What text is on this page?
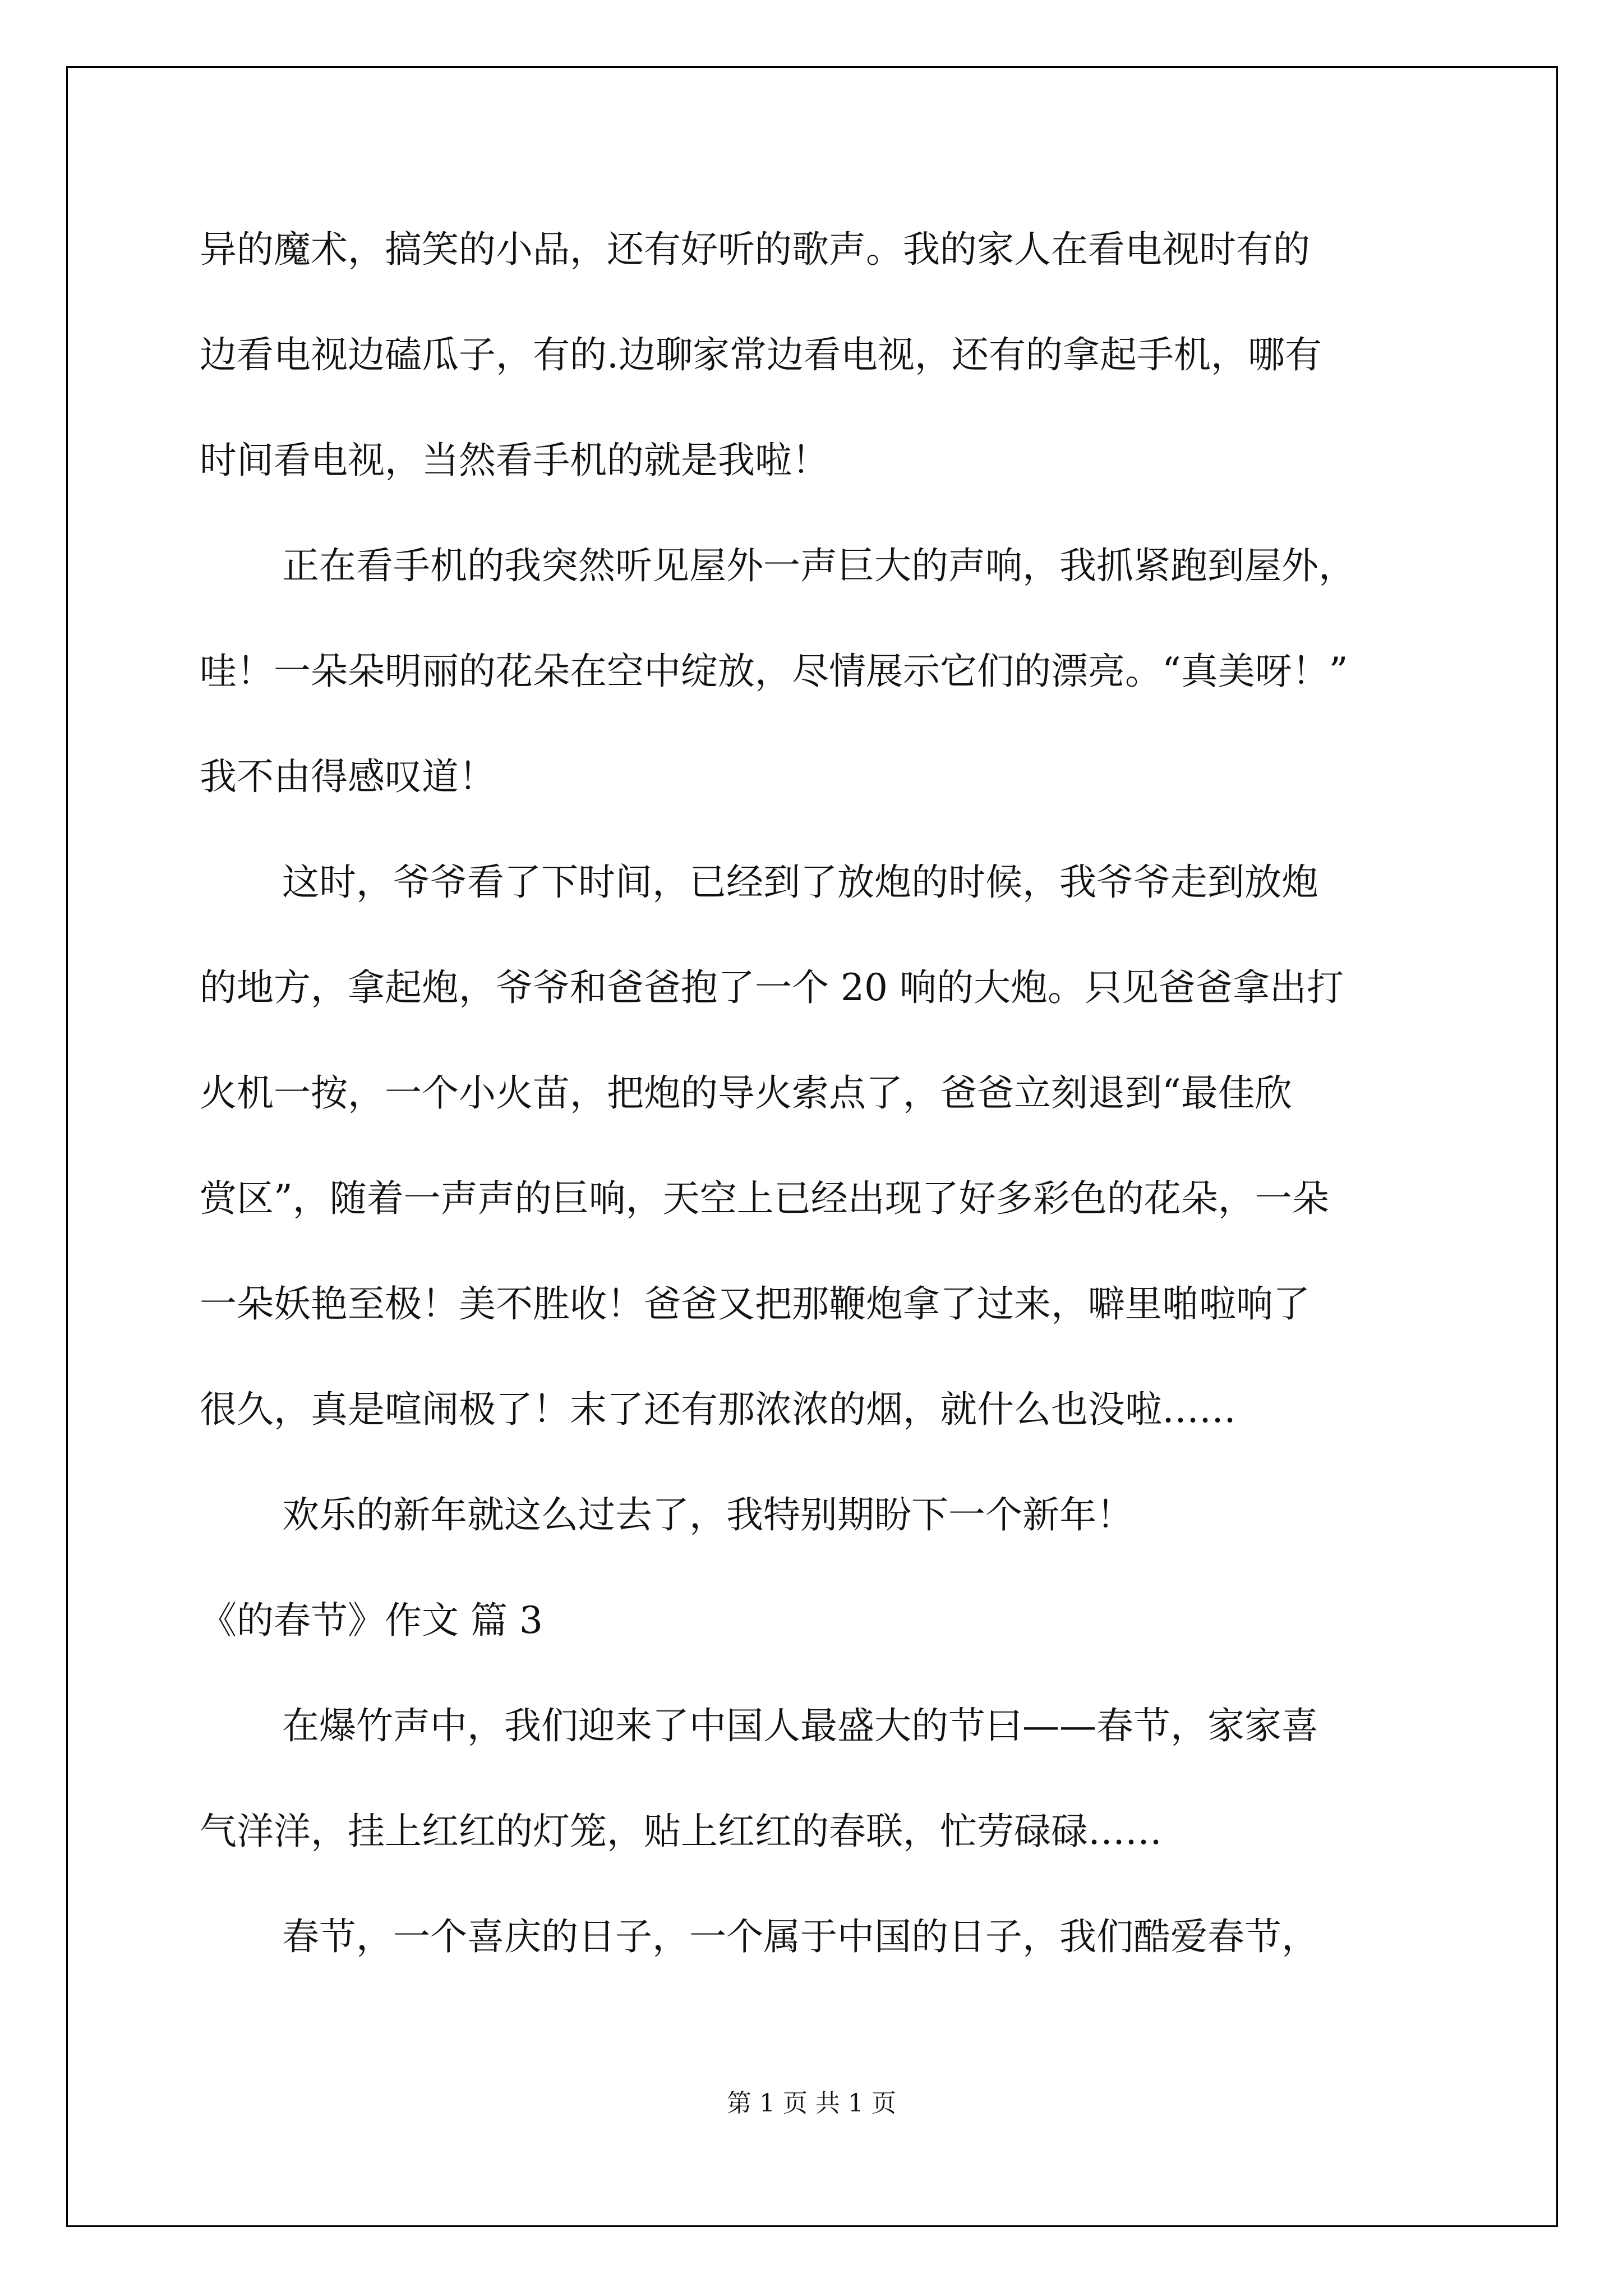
异的魔术，搞笑的小品，还有好听的歌声。我的家人在看电视时有的

边看电视边磕瓜子，有的.边聊家常边看电视，还有的拿起手机，哪有

时间看电视，当然看手机的就是我啦！

正在看手机的我突然听见屋外一声巨大的声响，我抓紧跑到屋外，

哇！一朵朵明丽的花朵在空中绽放，尽情展示它们的漂亮。“真美呀！”

我不由得感叹道！

这时，爷爷看了下时间，已经到了放炮的时候，我爷爷走到放炮

的地方，拿起炮，爷爷和爸爸抱了一个 20 响的大炮。只见爸爸拿出打

火机一按，一个小火苗，把炮的导火索点了，爸爸立刻退到“最佳欣

赏区”，随着一声声的巨响，天空上已经出现了好多彩色的花朵，一朵

一朵妖艳至极！美不胜收！爸爸又把那鞭炮拿了过来，噼里啪啦响了

很久，真是喧闹极了！末了还有那浓浓的烟，就什么也没啦……

欢乐的新年就这么过去了，我特别期盼下一个新年！

《的春节》作文 篇 3

在爆竹声中，我们迎来了中国人最盛大的节曰——春节，家家喜

气洋洋，挂上红红的灯笼，贴上红红的春联，忙劳碌碌……

春节，一个喜庆的日子，一个属于中国的日子，我们酷爱春节，

第 1 页 共 1 页
